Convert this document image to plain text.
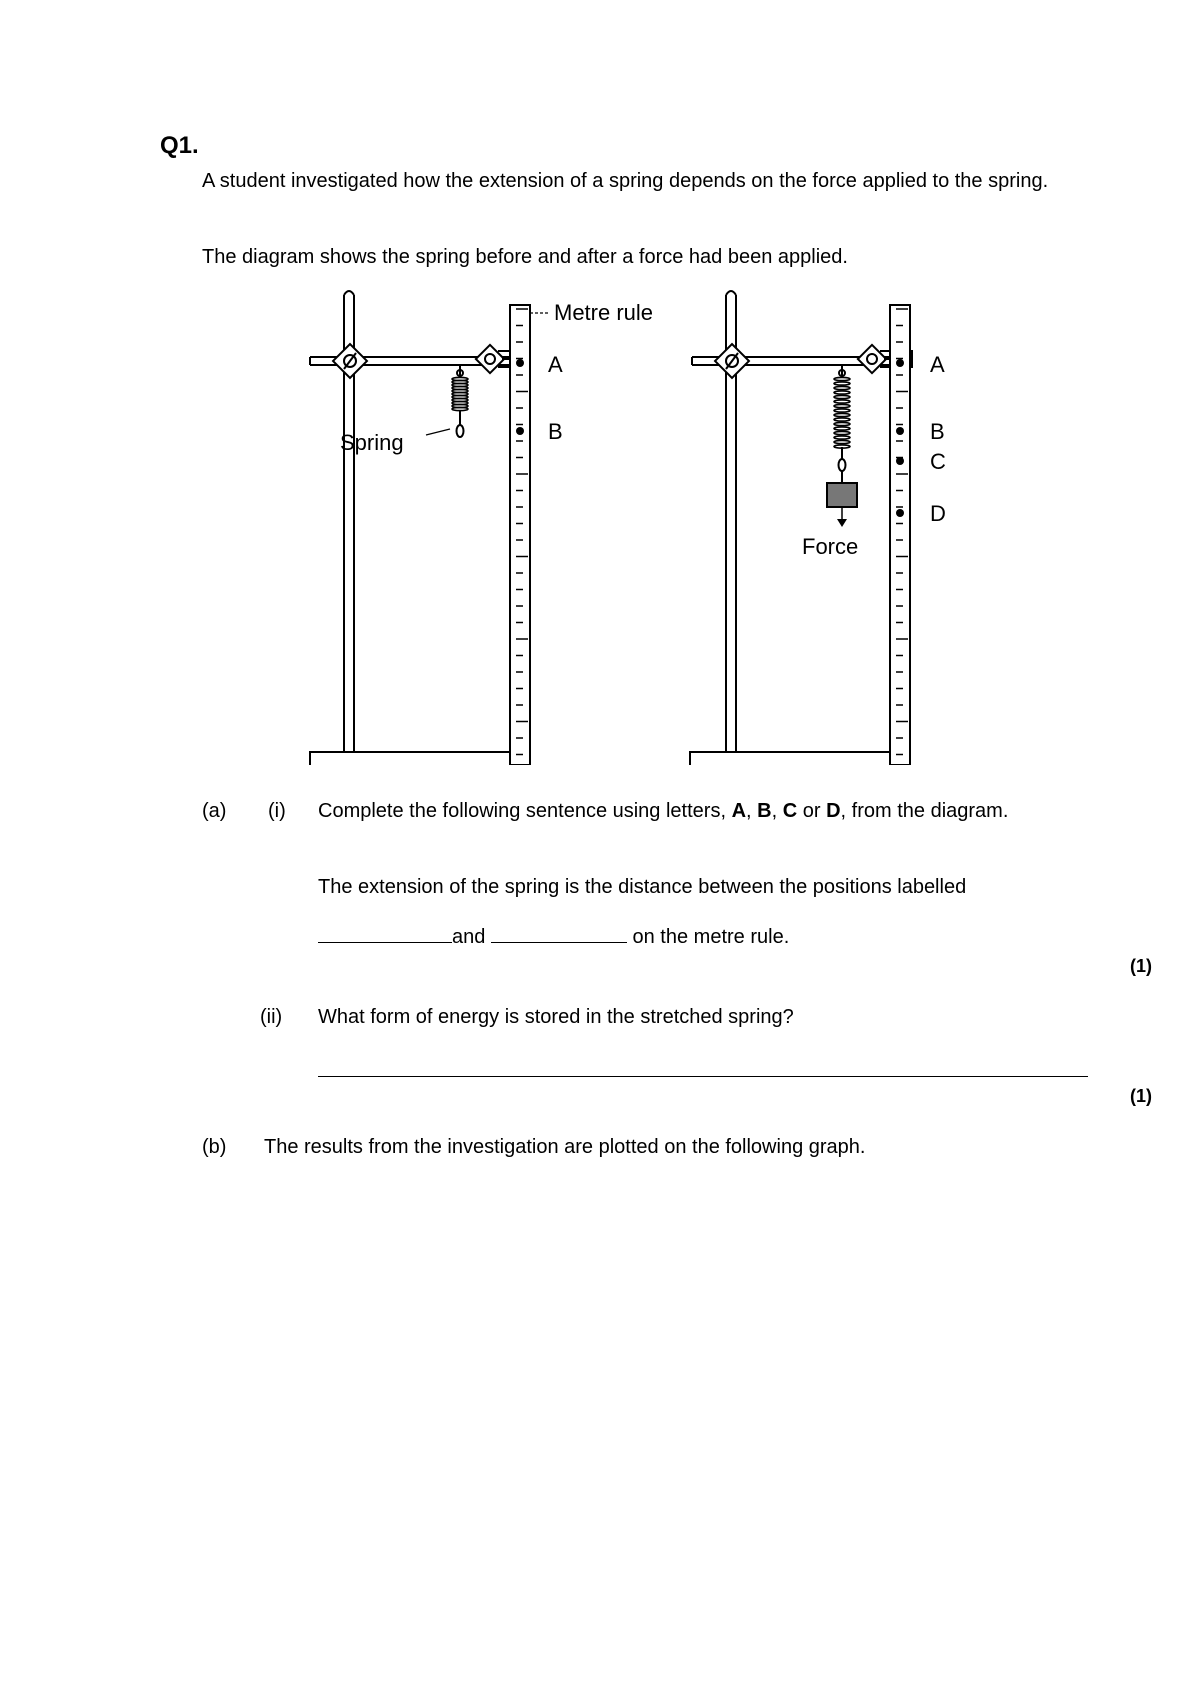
Q1.
A student investigated how the extension of a spring depends on the force applied to the spring.
The diagram shows the spring before and after a force had been applied.
Metre rule
Spring
A
B
A
B
C
D
Force
(a) (i) Complete the following sentence using letters, A, B, C or D, from the diagram.
The extension of the spring is the distance between the positions labelled
and	on the metre rule.
(1)
(ii) What form of energy is stored in the stretched spring?
(1)
(b) The results from the investigation are plotted on the following graph.
